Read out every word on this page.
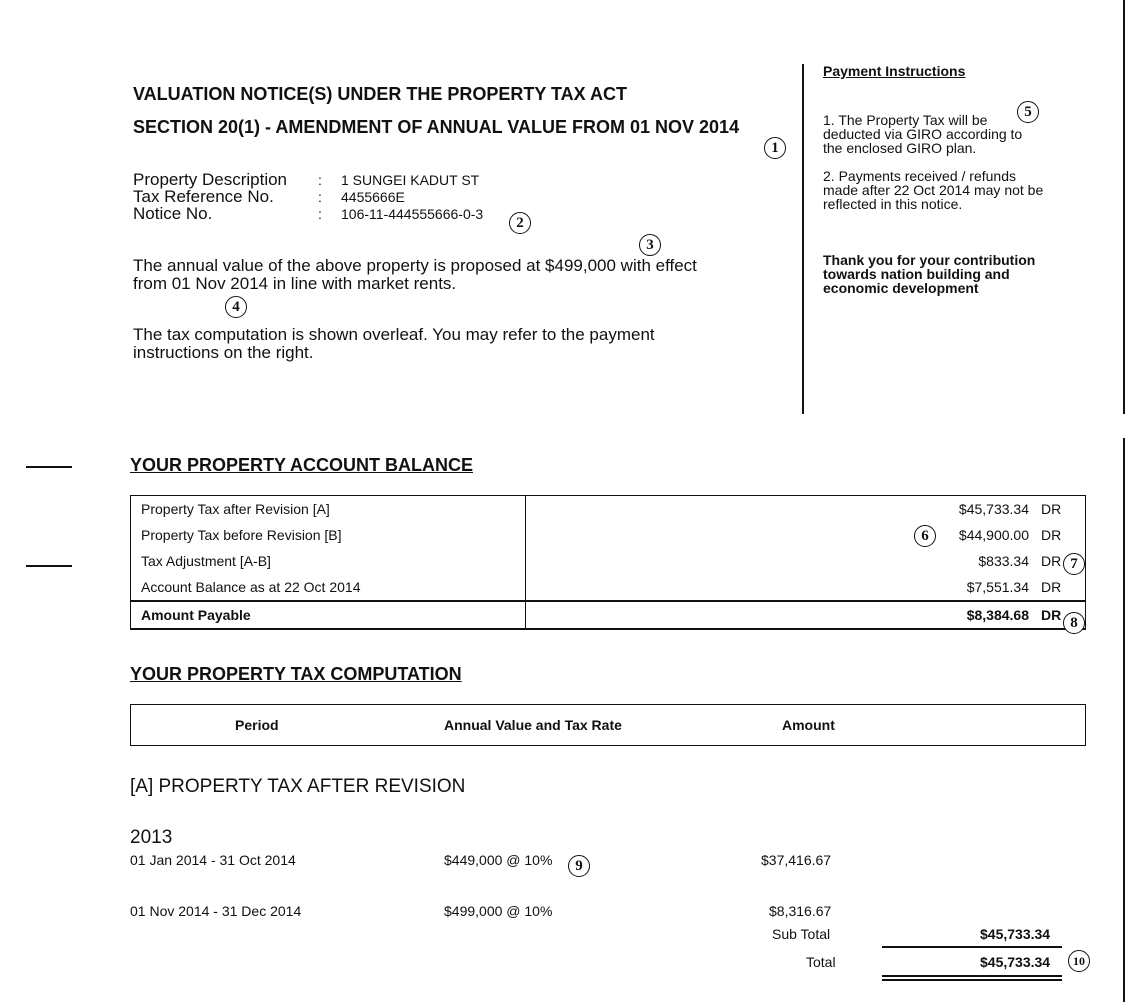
VALUATION NOTICE(S) UNDER THE PROPERTY TAX ACT
SECTION 20(1) - AMENDMENT OF ANNUAL VALUE FROM 01 NOV 2014
Property Description : 1 SUNGEI KADUT ST
Tax Reference No.	: 4455666E
Notice No.	: 106-11-444555666-0-3
The annual value of the above property is proposed at $499,000 with effect
from 01 Nov 2014 in line with market rents.
The tax computation is shown overleaf. You may refer to the payment
instructions on the right.
Payment Instructions
1. The Property Tax will be
deducted via GIRO according to
the enclosed GIRO plan.
2. Payments received / refunds
made after 22 Oct 2014 may not be
reflected in this notice.
Thank you for your contribution
towards nation building and
economic development
YOUR PROPERTY ACCOUNT BALANCE
Property Tax after Revision [A]	$45,733.34 DR
Property Tax before Revision [B]	$44,900.00 DR
Tax Adjustment [A-B]	$833.34 DR
Account Balance as at 22 Oct 2014	$7,551.34 DR
Amount Payable	$8,384.68 DR
YOUR PROPERTY TAX COMPUTATION
Period	Annual Value and Tax Rate	Amount
[A] PROPERTY TAX AFTER REVISION
2013
01 Jan 2014 - 31 Oct 2014	$449,000 @ 10%	$37,416.67
01 Nov 2014 - 31 Dec 2014	$499,000 @ 10%	$8,316.67
Sub Total	$45,733.34
Total	$45,733.34
1
2
3
4
5
6
7
8
9
10
